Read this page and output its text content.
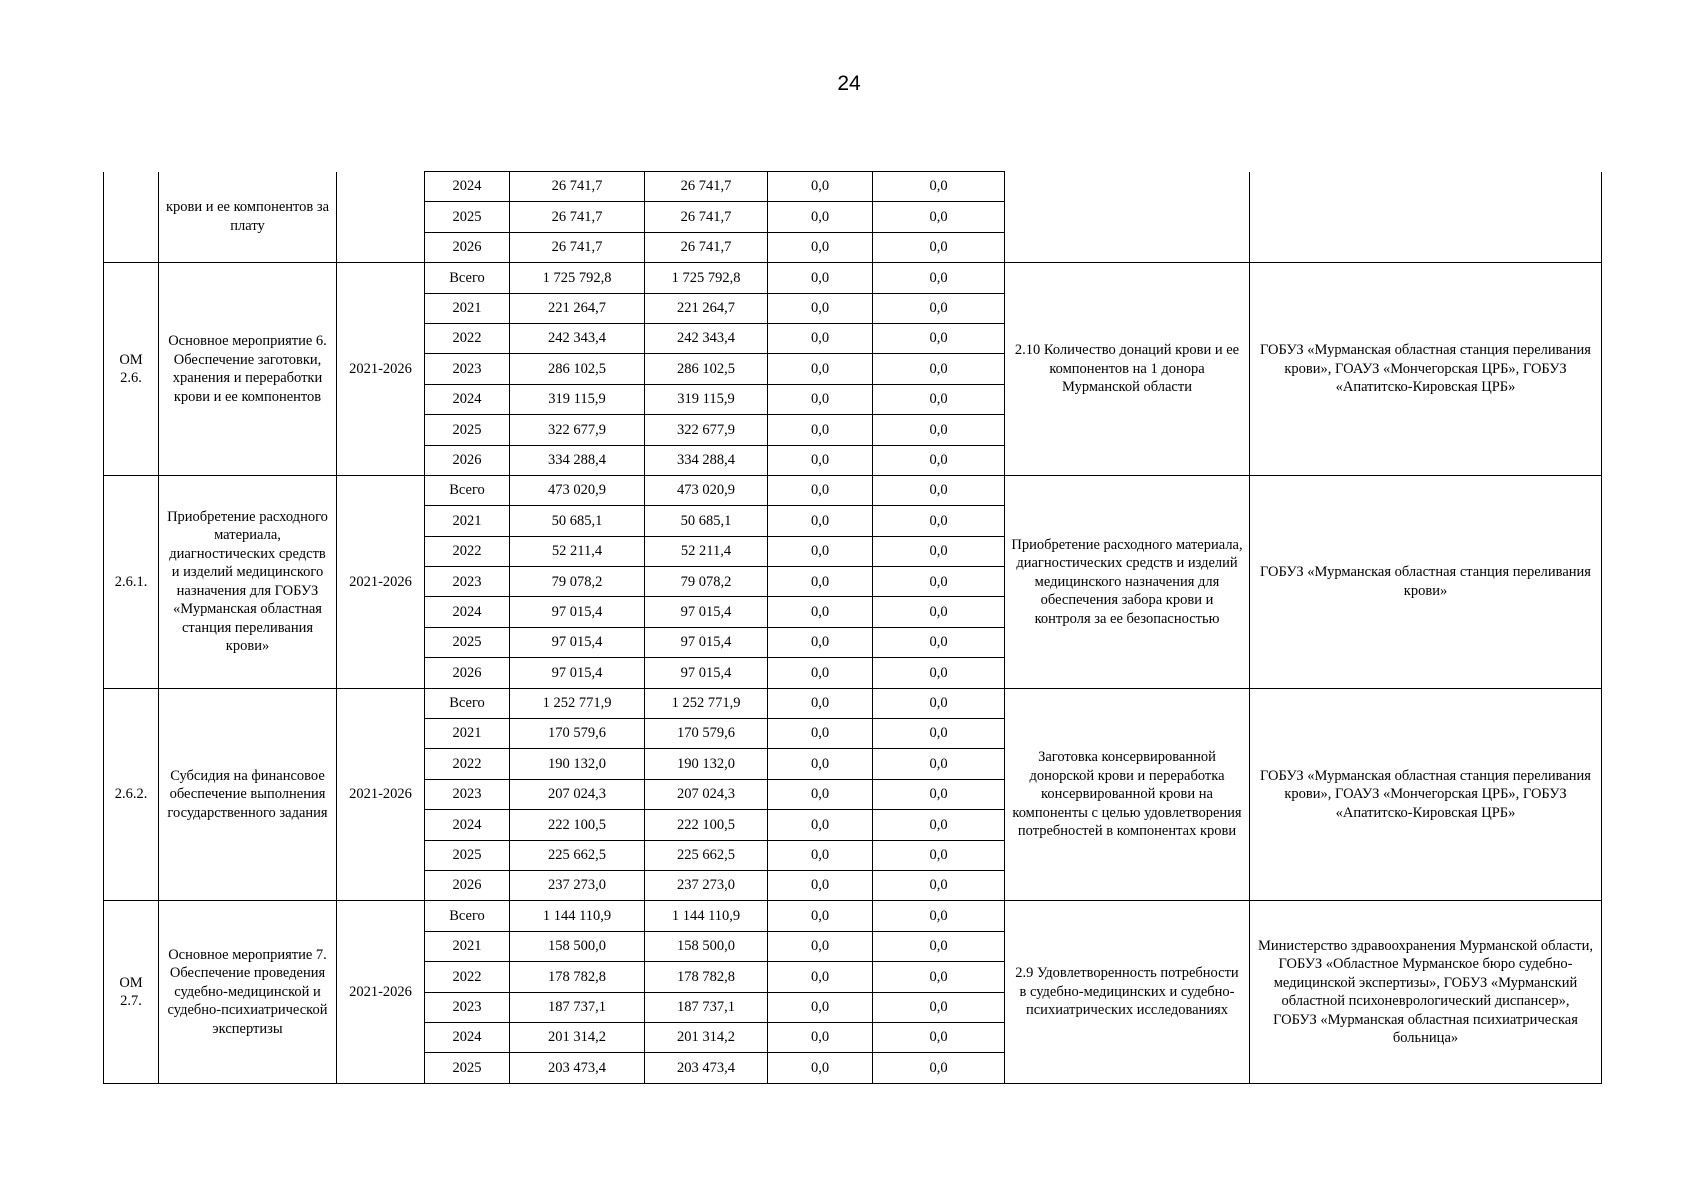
24
	крови и ее компонентов за плату		2024	26 741,7	26 741,7	0,0	0,0		
			2025	26 741,7	26 741,7	0,0	0,0		
			2026	26 741,7	26 741,7	0,0	0,0		
ОМ 2.6.	Основное мероприятие 6. Обеспечение заготовки, хранения и переработки крови и ее компонентов	2021-2026	Всего	1 725 792,8	1 725 792,8	0,0	0,0	2.10 Количество донаций крови и ее компонентов на 1 донора Мурманской области	ГОБУЗ «Мурманская областная станция переливания крови», ГОАУЗ «Мончегорская ЦРБ», ГОБУЗ «Апатитско-Кировская ЦРБ»
			2021	221 264,7	221 264,7	0,0	0,0		
			2022	242 343,4	242 343,4	0,0	0,0		
			2023	286 102,5	286 102,5	0,0	0,0		
			2024	319 115,9	319 115,9	0,0	0,0		
			2025	322 677,9	322 677,9	0,0	0,0		
			2026	334 288,4	334 288,4	0,0	0,0		
2.6.1.	Приобретение расходного материала, диагностических средств и изделий медицинского назначения для ГОБУЗ «Мурманская областная станция переливания крови»	2021-2026	Всего	473 020,9	473 020,9	0,0	0,0	Приобретение расходного материала, диагностических средств и изделий медицинского назначения для обеспечения забора крови и контроля за ее безопасностью	ГОБУЗ «Мурманская областная станция переливания крови»
			2021	50 685,1	50 685,1	0,0	0,0		
			2022	52 211,4	52 211,4	0,0	0,0		
			2023	79 078,2	79 078,2	0,0	0,0		
			2024	97 015,4	97 015,4	0,0	0,0		
			2025	97 015,4	97 015,4	0,0	0,0		
			2026	97 015,4	97 015,4	0,0	0,0		
2.6.2.	Субсидия на финансовое обеспечение выполнения государственного задания	2021-2026	Всего	1 252 771,9	1 252 771,9	0,0	0,0	Заготовка консервированной донорской крови и переработка консервированной крови на компоненты с целью удовлетворения потребностей в компонентах крови	ГОБУЗ «Мурманская областная станция переливания крови», ГОАУЗ «Мончегорская ЦРБ», ГОБУЗ «Апатитско-Кировская ЦРБ»
			2021	170 579,6	170 579,6	0,0	0,0		
			2022	190 132,0	190 132,0	0,0	0,0		
			2023	207 024,3	207 024,3	0,0	0,0		
			2024	222 100,5	222 100,5	0,0	0,0		
			2025	225 662,5	225 662,5	0,0	0,0		
			2026	237 273,0	237 273,0	0,0	0,0		
ОМ 2.7.	Основное мероприятие 7. Обеспечение проведения судебно-медицинской и судебно-психиатрической экспертизы	2021-2026	Всего	1 144 110,9	1 144 110,9	0,0	0,0	2.9 Удовлетворенность потребности в судебно-медицинских и судебно-психиатрических исследованиях	Министерство здравоохранения Мурманской области, ГОБУЗ «Областное Мурманское бюро судебно-медицинской экспертизы», ГОБУЗ «Мурманский областной психоневрологический диспансер», ГОБУЗ «Мурманская областная психиатрическая больница»
			2021	158 500,0	158 500,0	0,0	0,0		
			2022	178 782,8	178 782,8	0,0	0,0		
			2023	187 737,1	187 737,1	0,0	0,0		
			2024	201 314,2	201 314,2	0,0	0,0		
			2025	203 473,4	203 473,4	0,0	0,0		
